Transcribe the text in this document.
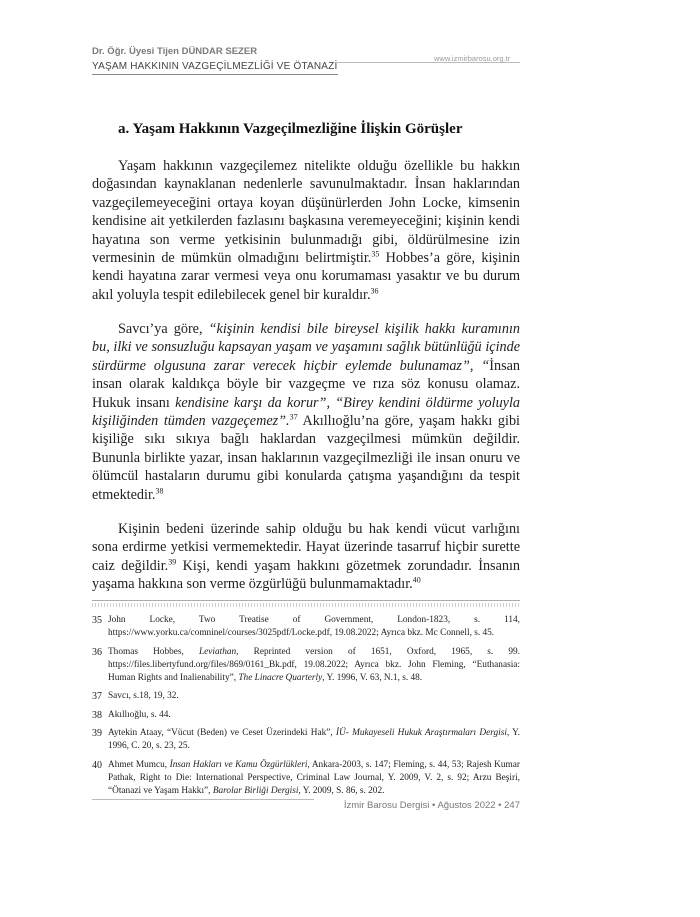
Dr. Öğr. Üyesi Tijen DÜNDAR SEZER
YAŞAM HAKKININ VAZGEÇİLMEZLİĞİ VE ÖTANAZİ
www.izmirbarosu.org.tr
a. Yaşam Hakkının Vazgeçilmezliğine İlişkin Görüşler
Yaşam hakkının vazgeçilemez nitelikte olduğu özellikle bu hakkın doğasından kaynaklanan nedenlerle savunulmaktadır. İnsan haklarından vazgeçilemeyeceğini ortaya koyan düşünürlerden John Locke, kimsenin kendisine ait yetkilerden fazlasını başkasına veremeyeceğini; kişinin kendi hayatına son verme yetkisinin bulunmadığı gibi, öldürülmesine izin vermesinin de mümkün olmadığını belirtmiştir.$^{35}$ Hobbes’a göre, kişinin kendi hayatına zarar vermesi veya onu korumaması yasaktır ve bu durum akıl yoluyla tespit edilebilecek genel bir kuraldır.$^{36}$
Savcı’ya göre, “kişinin kendisi bile bireysel kişilik hakkı kuramının bu, ilki ve sonsuzluğu kapsayan yaşam ve yaşamını sağlık bütünlüğü içinde sürdürme olgusuna zarar verecek hiçbir eylemde bulunamaz”, “İnsan insan olarak kaldıkça böyle bir vazgeçme ve rıza söz konusu olamaz. Hukuk insanı kendisine karşı da korur”, “Birey kendini öldürme yoluyla kişiliğinden tümden vazgeçemez”.$^{37}$ Akıllıoğlu’na göre, yaşam hakkı gibi kişiliğe sıkı sıkıya bağlı haklardan vazgeçilmesi mümkün değildir. Bununla birlikte yazar, insan haklarının vazgeçilmezliği ile insan onuru ve ölümcül hastaların durumu gibi konularda çatışma yaşandığını da tespit etmektedir.$^{38}$
Kişinin bedeni üzerinde sahip olduğu bu hak kendi vücut varlığını sona erdirme yetkisi vermemektedir. Hayat üzerinde tasarruf hiçbir surette caiz değildir.$^{39}$ Kişi, kendi yaşam hakkını gözetmek zorundadır. İnsanın yaşama hakkına son verme özgürlüğü bulunmamaktadır.$^{40}$
35 John Locke, Two Treatise of Government, London-1823, s. 114, https://www.yorku.ca/comninel/courses/3025pdf/Locke.pdf, 19.08.2022; Ayrıca bkz. Mc Connell, s. 45.
36 Thomas Hobbes, Leviathan, Reprinted version of 1651, Oxford, 1965, s. 99. https://files.libertyfund.org/files/869/0161_Bk.pdf, 19.08.2022; Ayrıca bkz. John Fleming, “Euthanasia: Human Rights and Inalienability”, The Linacre Quarterly, Y. 1996, V. 63, N.1, s. 48.
37 Savcı, s.18, 19, 32.
38 Akıllıoğlu, s. 44.
39 Aytekin Ataay, “Vücut (Beden) ve Ceset Üzerindeki Hak”, İÜ- Mukayeseli Hukuk Araştırmaları Dergisi, Y. 1996, C. 20, s. 23, 25.
40 Ahmet Mumcu, İnsan Hakları ve Kamu Özgürlükleri, Ankara-2003, s. 147; Fleming, s. 44, 53; Rajesh Kumar Pathak, Right to Die: International Perspective, Criminal Law Journal, Y. 2009, V. 2, s. 92; Arzu Beşiri, “Ötanazi ve Yaşam Hakkı”, Barolar Birliği Dergisi, Y. 2009, S. 86, s. 202.
İzmir Barosu Dergisi • Ağustos 2022 • 247
